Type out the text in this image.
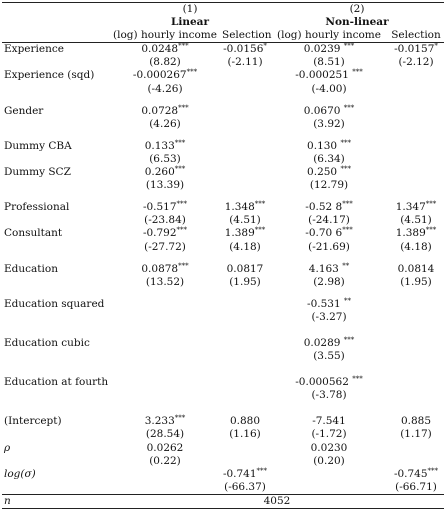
	(1)		(2)	
	Linear		Non-linear	
	(log) hourly income	Selection	(log) hourly income	Selection
Experience	0.0248***	-0.0156*	0.0239 ***	-0.0157*
	(8.82)	(-2.11)	(8.51)	(-2.12)
Experience (sqd)	-0.000267***		-0.000251 ***	
	(-4.26)		(-4.00)	

Gender	0.0728***		0.0670 ***	
	(4.26)		(3.92)	

Dummy CBA	0.133***		0.130 ***	
	(6.53)		(6.34)	
Dummy SCZ	0.260***		0.250 ***	
	(13.39)		(12.79)	

Professional	-0.517***	1.348***	-0.52 8***	1.347***
	(-23.84)	(4.51)	(-24.17)	(4.51)
Consultant	-0.792***	1.389***	-0.70 6***	1.389***
	(-27.72)	(4.18)	(-21.69)	(4.18)

Education	0.0878***	0.0817	4.163 **	0.0814
	(13.52)	(1.95)	(2.98)	(1.95)

Education squared			-0.531 **	
			(-3.27)	

Education cubic			0.0289 ***	
			(3.55)	

Education at fourth			-0.000562 ***	
			(-3.78)	

(Intercept)	3.233***	0.880	-7.541	0.885
	(28.54)	(1.16)	(-1.72)	(1.17)
ρ	0.0262		0.0230	
	(0.22)		(0.20)	
log(σ)		-0.741***		-0.745***
		(-66.37)		(-66.71)
n	4052			
